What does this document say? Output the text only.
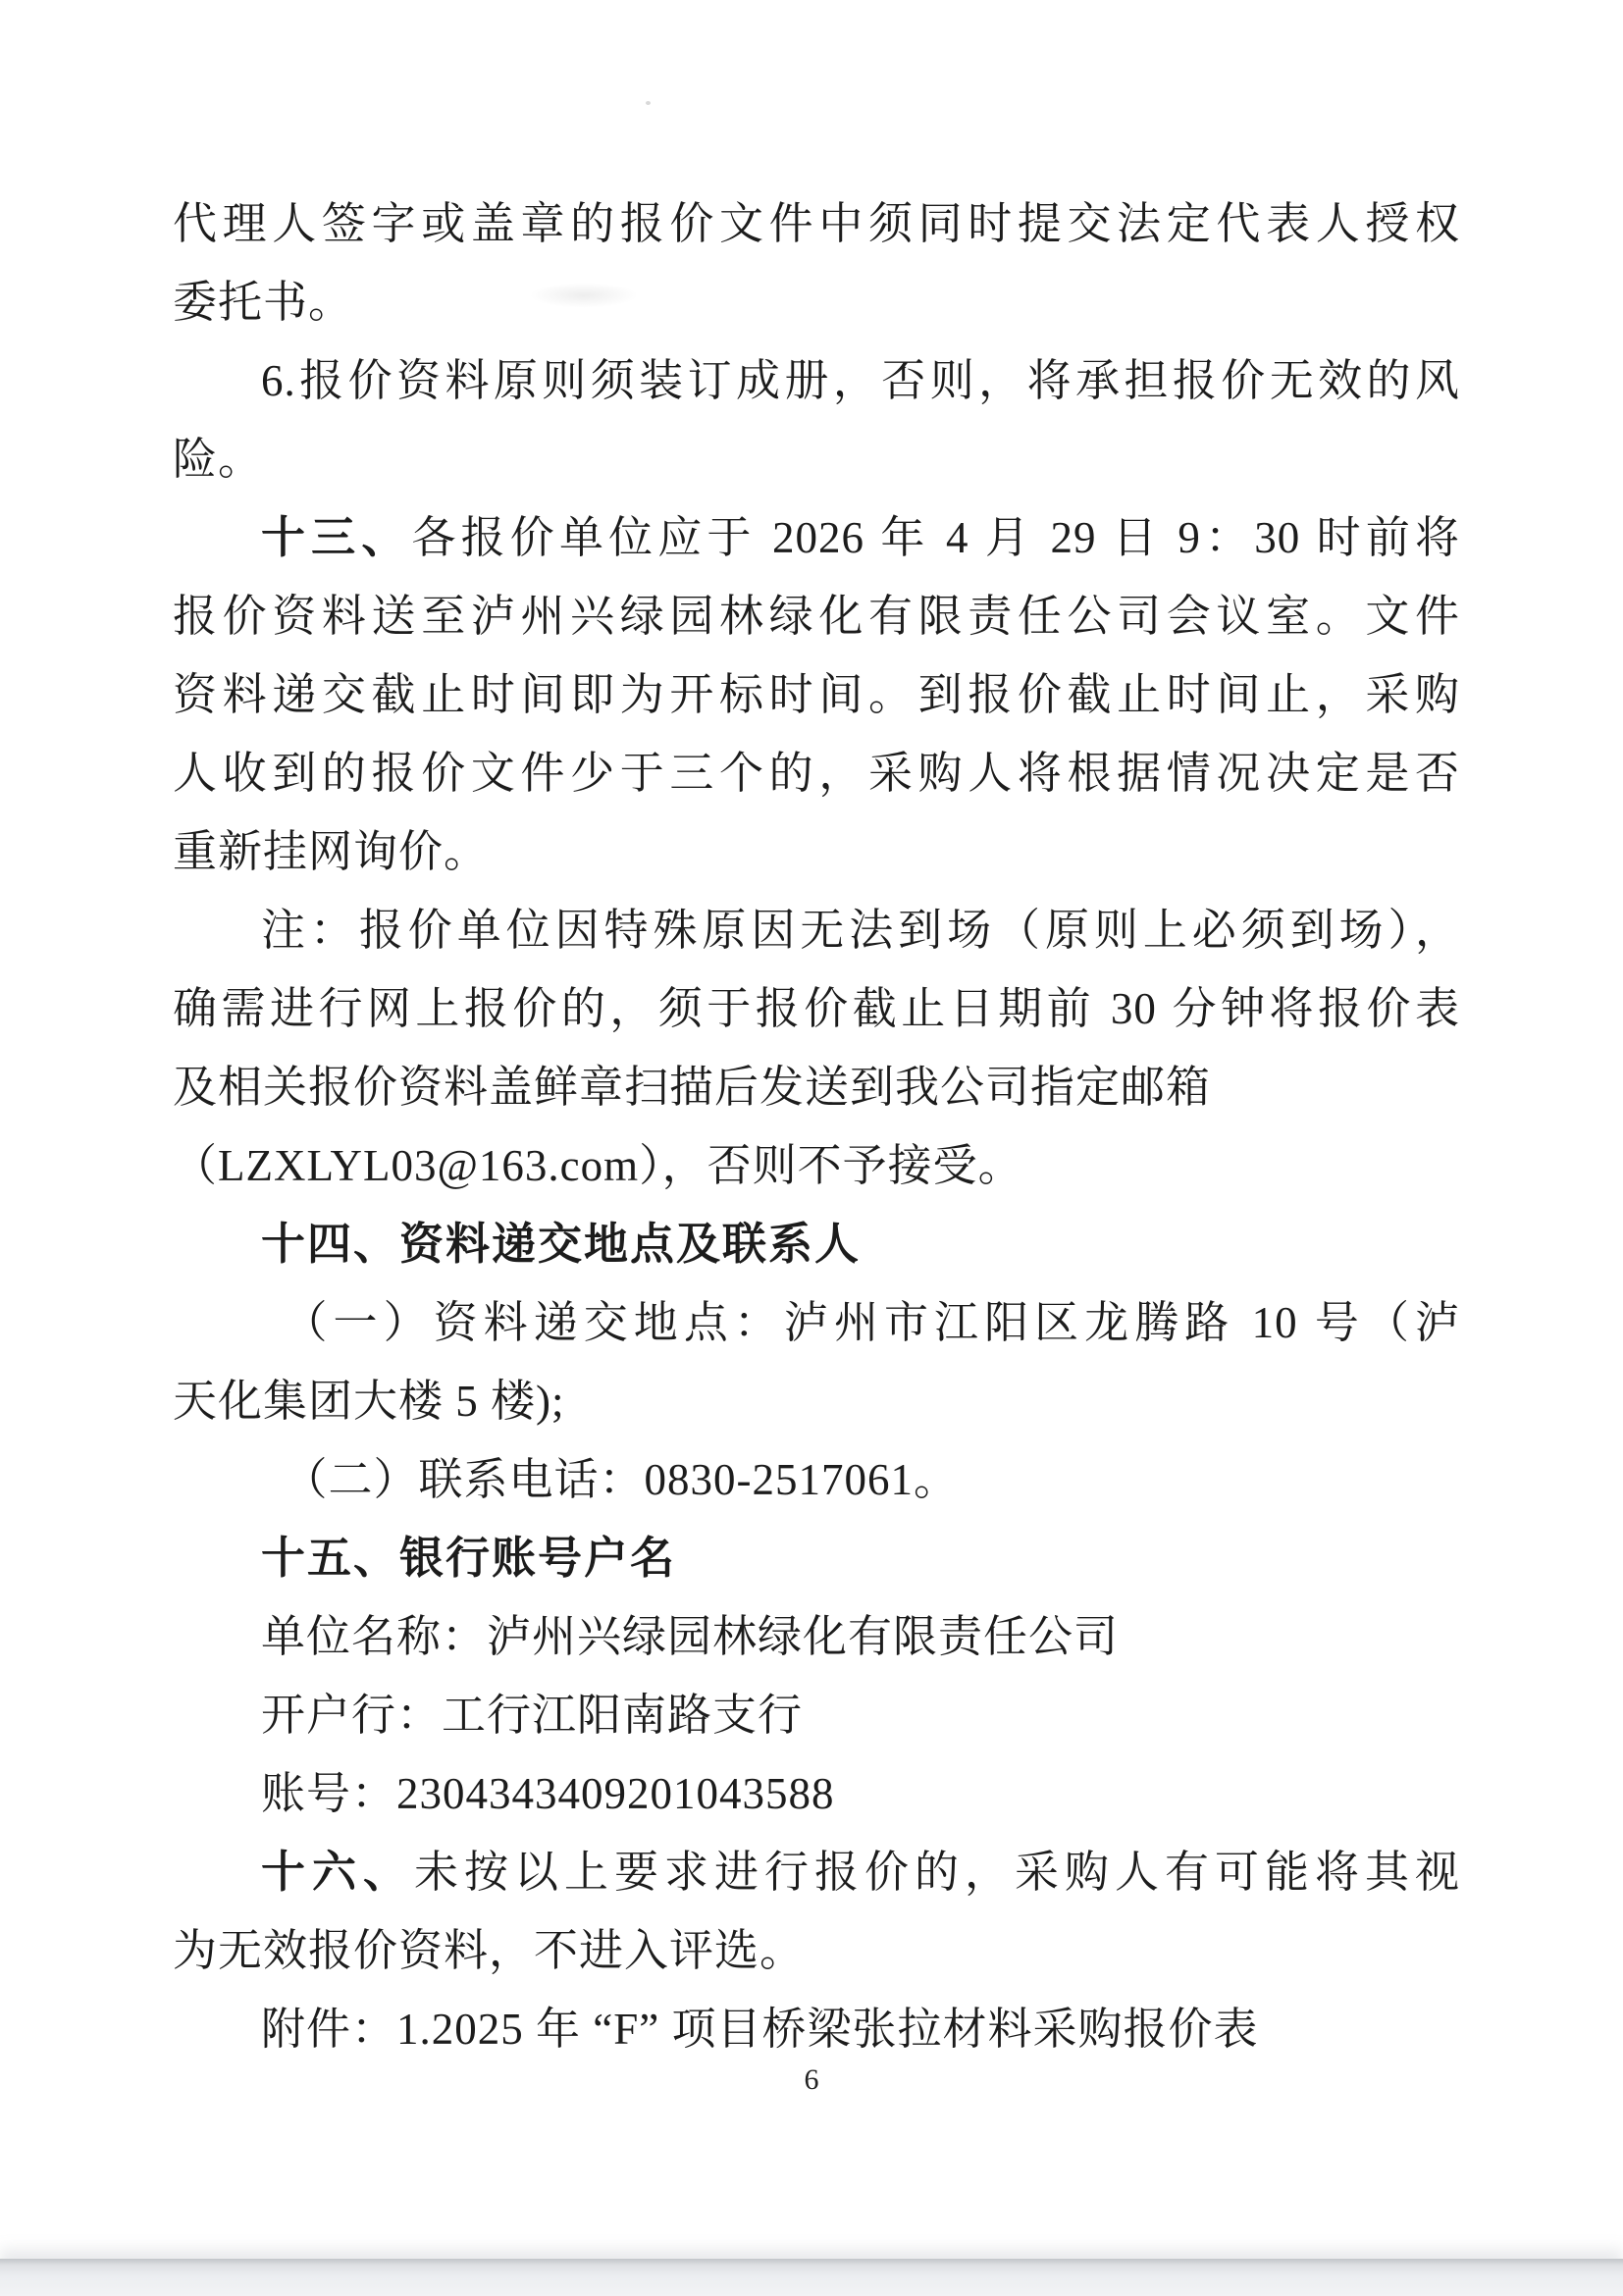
代理人签字或盖章的报价文件中须同时提交法定代表人授权
委托书。
6.报价资料原则须装订成册，否则，将承担报价无效的风
险。
十三、各报价单位应于 2026 年 4 月 29 日 9：30 时前将
报价资料送至泸州兴绿园林绿化有限责任公司会议室。文件
资料递交截止时间即为开标时间。到报价截止时间止，采购
人收到的报价文件少于三个的，采购人将根据情况决定是否
重新挂网询价。
注：报价单位因特殊原因无法到场（原则上必须到场），
确需进行网上报价的，须于报价截止日期前 30 分钟将报价表
及相关报价资料盖鲜章扫描后发送到我公司指定邮箱
（LZXLYL03@163.com），否则不予接受。
十四、资料递交地点及联系人
（一）资料递交地点：泸州市江阳区龙腾路 10 号（泸
天化集团大楼 5 楼);
（二）联系电话：0830-2517061。
十五、银行账号户名
单位名称：泸州兴绿园林绿化有限责任公司
开户行：工行江阳南路支行
账号：2304343409201043588
十六、未按以上要求进行报价的，采购人有可能将其视
为无效报价资料，不进入评选。
附件：1.2025 年 “F” 项目桥梁张拉材料采购报价表
6
